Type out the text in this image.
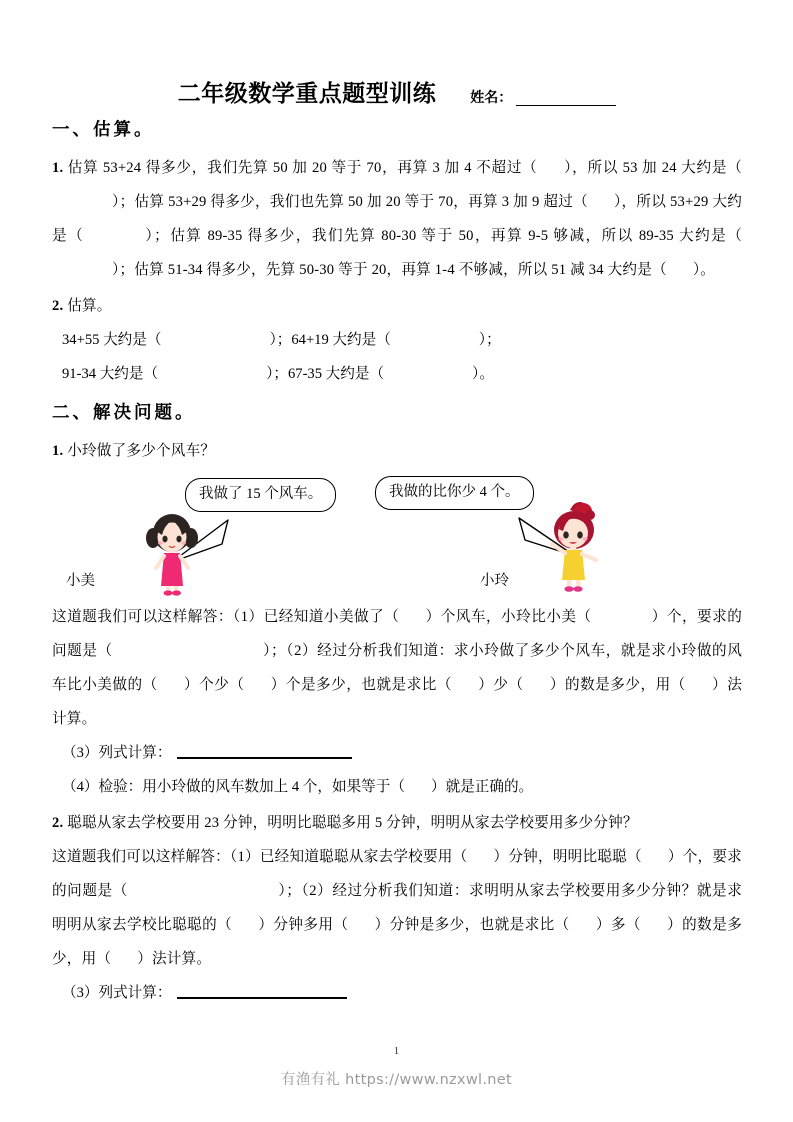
二年级数学重点题型训练 姓名：
一、估算。

1. 估算 53+24 得多少，我们先算 50 加 20 等于 70，再算 3 加 4 不超过（ ），所以 53 加 24 大约是（）；估算 53+29 得多少，我们也先算 50 加 20 等于 70，再算 3 加 9 超过（ ），所以 53+29 大约是（	）；估算 89-35 得多少，我们先算 80-30 等于 50，再算 9-5 够减，所以 89-35 大约是（）；估算 51-34 得多少，先算 50-30 等于 20，再算 1-4 不够减，所以 51 减 34 大约是（ ）。

2. 估算。

34+55 大约是（	）；64+19 大约是（	）；
91-34 大约是（	）；67-35 大约是（	）。
二、解决问题。

1. 小玲做了多少个风车？

我做了 15 个风车。	我做的比你少 4 个。
小美	小玲

这道题我们可以这样解答：（1）已经知道小美做了（ ）个风车，小玲比小美（	）个，要求的问题是（	）；（2）经过分析我们知道：求小玲做了多少个风车，就是求小玲做的风车比小美做的（ ）个少（ ）个是多少，也就是求比（ ）少（ ）的数是多少，用（ ）法计算。

（3）列式计算：
（4）检验：用小玲做的风车数加上 4 个，如果等于（ ）就是正确的。

2. 聪聪从家去学校要用 23 分钟，明明比聪聪多用 5 分钟，明明从家去学校要用多少分钟？

这道题我们可以这样解答：（1）已经知道聪聪从家去学校要用（ ）分钟，明明比聪聪（ ）个，要求的问题是（	）；（2）经过分析我们知道：求明明从家去学校要用多少分钟？就是求明明从家去学校比聪聪的（ ）分钟多用（ ）分钟是多少，也就是求比（ ）多（ ）的数是多少，用（ ）法计算。

（3）列式计算：
1
有渔有礼 https://www.nzxwl.net
